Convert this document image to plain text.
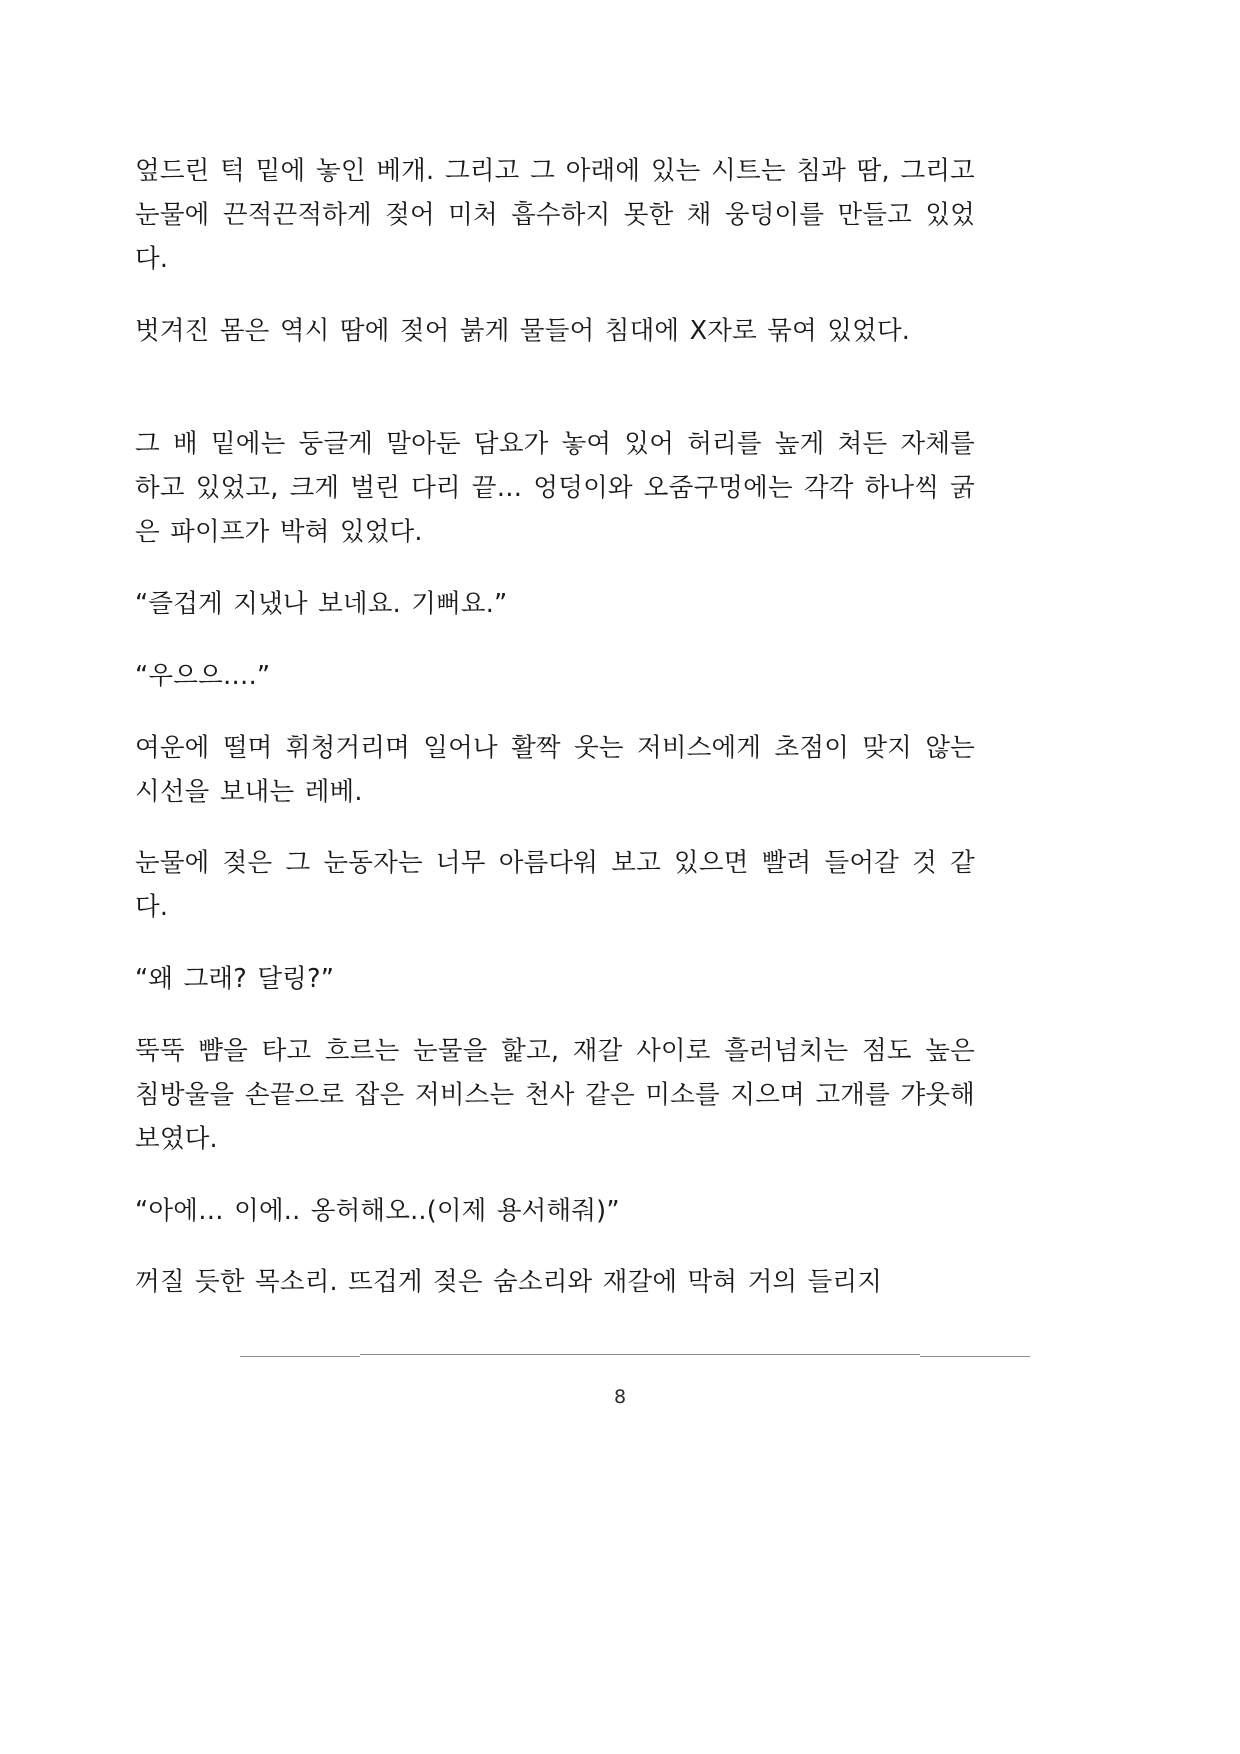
엎드린 턱 밑에 놓인 베개. 그리고 그 아래에 있는 시트는 침과 땀, 그리고 눈물에 끈적끈적하게 젖어 미처 흡수하지 못한 채 웅덩이를 만들고 있었다.

벗겨진 몸은 역시 땀에 젖어 붉게 물들어 침대에 X자로 묶여 있었다.

그 배 밑에는 둥글게 말아둔 담요가 놓여 있어 허리를 높게 쳐든 자체를 하고 있었고, 크게 벌린 다리 끝… 엉덩이와 오줌구멍에는 각각 하나씩 굵은 파이프가 박혀 있었다.

“즐겁게 지냈나 보네요. 기뻐요.”

“우으으….”

여운에 떨며 휘청거리며 일어나 활짝 웃는 저비스에게 초점이 맞지 않는 시선을 보내는 레베.

눈물에 젖은 그 눈동자는 너무 아름다워 보고 있으면 빨려 들어갈 것 같다.

“왜 그래? 달링?”

뚝뚝 뺨을 타고 흐르는 눈물을 핥고, 재갈 사이로 흘러넘치는 점도 높은 침방울을 손끝으로 잡은 저비스는 천사 같은 미소를 지으며 고개를 갸웃해 보였다.

“아에… 이에.. 옹허해오..(이제 용서해줘)”

꺼질 듯한 목소리. 뜨겁게 젖은 숨소리와 재갈에 막혀 거의 들리지

8
